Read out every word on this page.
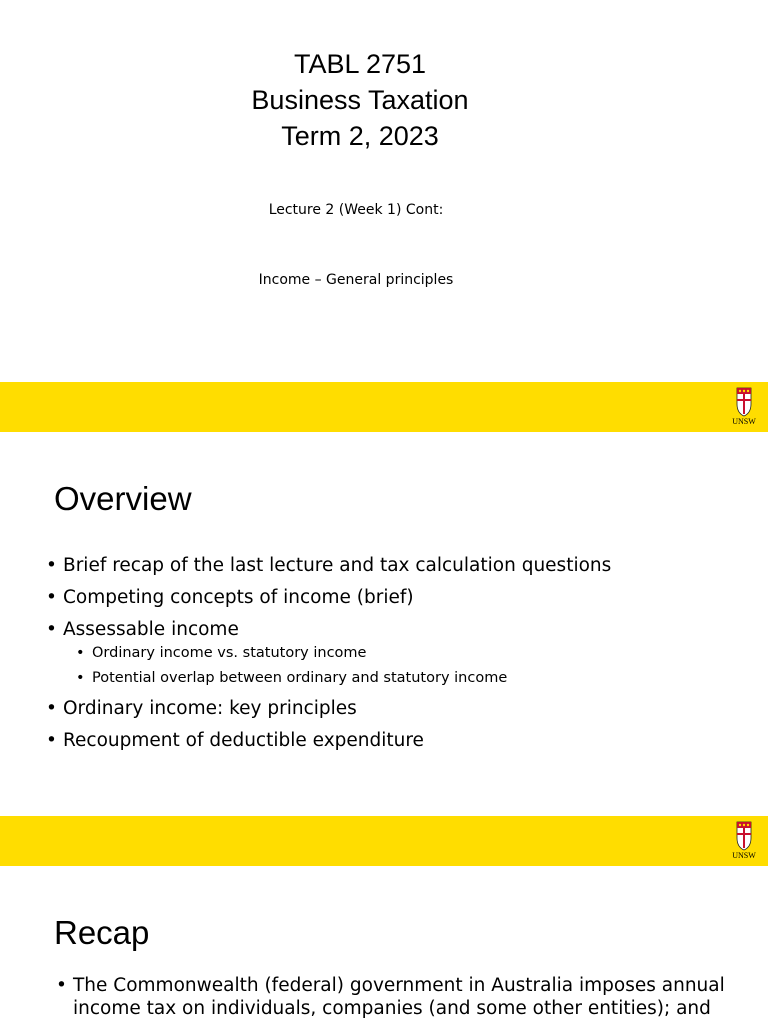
TABL 2751
Business Taxation
Term 2, 2023
Lecture 2 (Week 1) Cont:
Income – General principles
UNSW
Overview
• Brief recap of the last lecture and tax calculation questions
• Competing concepts of income (brief)
• Assessable income
• Ordinary income vs. statutory income
• Potential overlap between ordinary and statutory income
• Ordinary income: key principles
• Recoupment of deductible expenditure
UNSW
Recap
• The Commonwealth (federal) government in Australia imposes annual income tax on individuals, companies (and some other entities); and
